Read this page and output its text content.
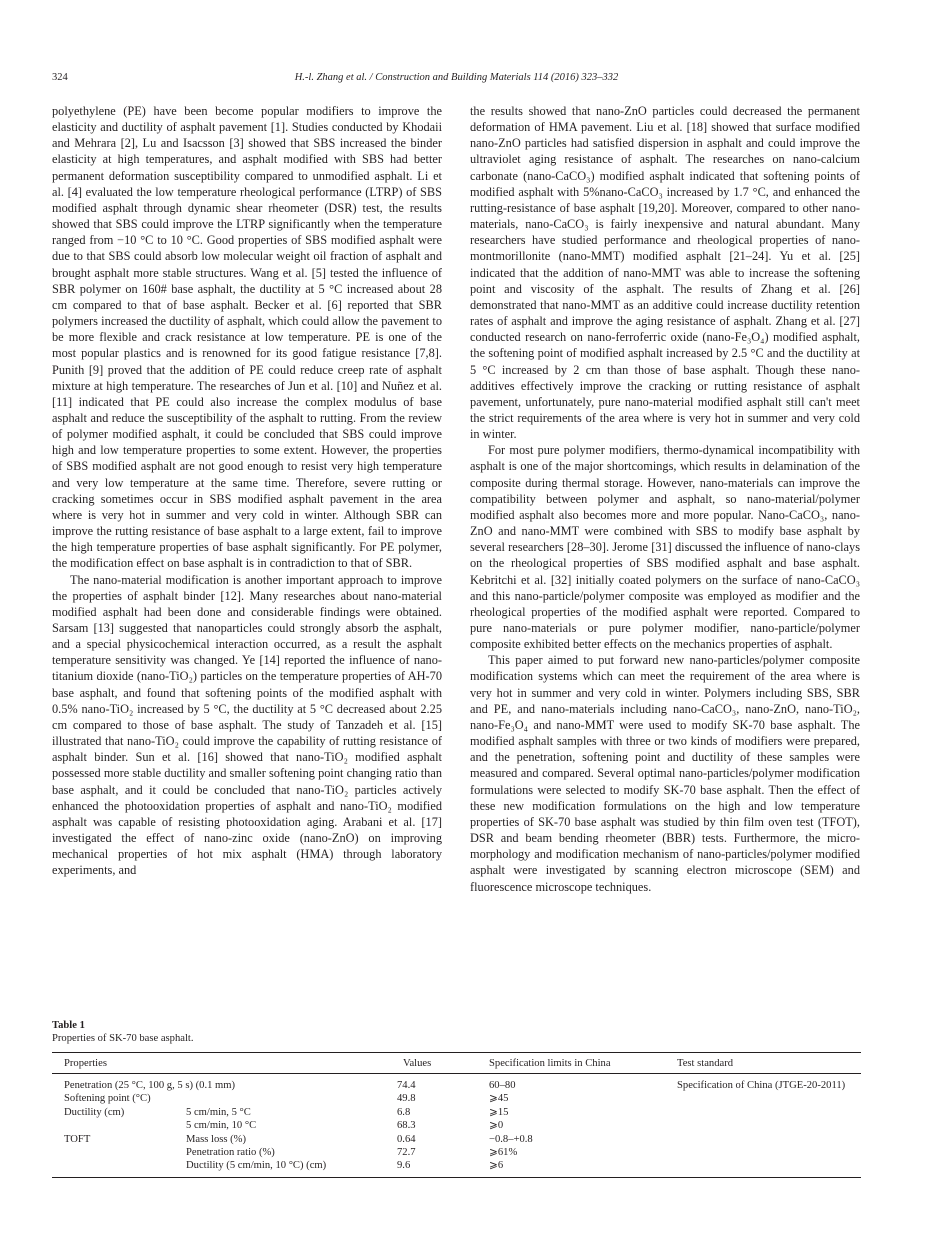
324	H.-l. Zhang et al. / Construction and Building Materials 114 (2016) 323–332

polyethylene (PE) have been become popular modifiers to improve the elasticity and ductility of asphalt pavement [1]. Studies conducted by Khodaii and Mehrara [2], Lu and Isacsson [3] showed that SBS increased the binder elasticity at high temperatures, and asphalt modified with SBS had better permanent deformation susceptibility compared to unmodified asphalt. Li et al. [4] evaluated the low temperature rheological performance (LTRP) of SBS modified asphalt through dynamic shear rheometer (DSR) test, the results showed that SBS could improve the LTRP significantly when the temperature ranged from −10 °C to 10 °C. Good properties of SBS modified asphalt were due to that SBS could absorb low molecular weight oil fraction of asphalt and brought asphalt more stable structures. Wang et al. [5] tested the influence of SBR polymer on 160# base asphalt, the ductility at 5 °C increased about 28 cm compared to that of base asphalt. Becker et al. [6] reported that SBR polymers increased the ductility of asphalt, which could allow the pavement to be more flexible and crack resistance at low temperature. PE is one of the most popular plastics and is renowned for its good fatigue resistance [7,8]. Punith [9] proved that the addition of PE could reduce creep rate of asphalt mixture at high temperature. The researches of Jun et al. [10] and Nuñez et al. [11] indicated that PE could also increase the complex modulus of base asphalt and reduce the susceptibility of the asphalt to rutting. From the review of polymer modified asphalt, it could be concluded that SBS could improve high and low temperature properties to some extent. However, the properties of SBS modified asphalt are not good enough to resist very high temperature and very low temperature at the same time. Therefore, severe rutting or cracking sometimes occur in SBS modified asphalt pavement in the area where is very hot in summer and very cold in winter. Although SBR can improve the rutting resistance of base asphalt to a large extent, fail to improve the high temperature properties of base asphalt significantly. For PE polymer, the modification effect on base asphalt is in contradiction to that of SBR.

The nano-material modification is another important approach to improve the properties of asphalt binder [12]. Many researches about nano-material modified asphalt had been done and considerable findings were obtained. Sarsam [13] suggested that nanoparticles could strongly absorb the asphalt, and a special physicochemical interaction occurred, as a result the asphalt temperature sensitivity was changed. Ye [14] reported the influence of nano-titanium dioxide (nano-TiO₂) particles on the temperature properties of AH-70 base asphalt, and found that softening points of the modified asphalt with 0.5% nano-TiO₂ increased by 5 °C, the ductility at 5 °C decreased about 2.25 cm compared to those of base asphalt. The study of Tanzadeh et al. [15] illustrated that nano-TiO₂ could improve the capability of rutting resistance of asphalt binder. Sun et al. [16] showed that nano-TiO₂ modified asphalt possessed more stable ductility and smaller softening point changing ratio than base asphalt, and it could be concluded that nano-TiO₂ particles actively enhanced the photooxidation properties of asphalt and nano-TiO₂ modified asphalt was capable of resisting photooxidation aging. Arabani et al. [17] investigated the effect of nano-zinc oxide (nano-ZnO) on improving mechanical properties of hot mix asphalt (HMA) through laboratory experiments, and

the results showed that nano-ZnO particles could decreased the permanent deformation of HMA pavement. Liu et al. [18] showed that surface modified nano-ZnO particles had satisfied dispersion in asphalt and could improve the ultraviolet aging resistance of asphalt. The researches on nano-calcium carbonate (nano-CaCO₃) modified asphalt indicated that softening points of modified asphalt with 5%nano-CaCO₃ increased by 1.7 °C, and enhanced the rutting-resistance of base asphalt [19,20]. Moreover, compared to other nano-materials, nano-CaCO₃ is fairly inexpensive and natural abundant. Many researchers have studied performance and rheological properties of nano-montmorillonite (nano-MMT) modified asphalt [21–24]. Yu et al. [25] indicated that the addition of nano-MMT was able to increase the softening point and viscosity of the asphalt. The results of Zhang et al. [26] demonstrated that nano-MMT as an additive could increase ductility retention rates of asphalt and improve the aging resistance of asphalt. Zhang et al. [27] conducted research on nano-ferroferric oxide (nano-Fe₃O₄) modified asphalt, the softening point of modified asphalt increased by 2.5 °C and the ductility at 5 °C increased by 2 cm than those of base asphalt. Though these nano-additives effectively improve the cracking or rutting resistance of asphalt pavement, unfortunately, pure nano-material modified asphalt still can't meet the strict requirements of the area where is very hot in summer and very cold in winter.

For most pure polymer modifiers, thermo-dynamical incompatibility with asphalt is one of the major shortcomings, which results in delamination of the composite during thermal storage. However, nano-materials can improve the compatibility between polymer and asphalt, so nano-material/polymer modified asphalt also becomes more and more popular. Nano-CaCO₃, nano-ZnO and nano-MMT were combined with SBS to modify base asphalt by several researchers [28–30]. Jerome [31] discussed the influence of nano-clays on the rheological properties of SBS modified asphalt and base asphalt. Kebritchi et al. [32] initially coated polymers on the surface of nano-CaCO₃ and this nano-particle/polymer composite was employed as modifier and the rheological properties of the modified asphalt were reported. Compared to pure nano-materials or pure polymer modifier, nano-particle/polymer composite exhibited better effects on the mechanics properties of asphalt.

This paper aimed to put forward new nano-particles/polymer composite modification systems which can meet the requirement of the area where is very hot in summer and very cold in winter. Polymers including SBS, SBR and PE, and nano-materials including nano-CaCO₃, nano-ZnO, nano-TiO₂, nano-Fe₃O₄ and nano-MMT were used to modify SK-70 base asphalt. The modified asphalt samples with three or two kinds of modifiers were prepared, and the penetration, softening point and ductility of these samples were measured and compared. Several optimal nano-particles/polymer modification formulations were selected to modify SK-70 base asphalt. Then the effect of these new modification formulations on the high and low temperature properties of SK-70 base asphalt was studied by thin film oven test (TFOT), DSR and beam bending rheometer (BBR) tests. Furthermore, the micro-morphology and modification mechanism of nano-particles/polymer modified asphalt were investigated by scanning electron microscope (SEM) and fluorescence microscope techniques.

Table 1
Properties of SK-70 base asphalt.
Properties		Values	Specification limits in China	Test standard
Penetration (25 °C, 100 g, 5 s) (0.1 mm)		74.4	60–80	Specification of China (JTGE-20-2011)
Softening point (°C)		49.8	⩾45	
Ductility (cm)	5 cm/min, 5 °C	6.8	⩾15	
	5 cm/min, 10 °C	68.3	⩾0	
TOFT	Mass loss (%)	0.64	−0.8–+0.8	
	Penetration ratio (%)	72.7	⩾61%	
	Ductility (5 cm/min, 10 °C) (cm)	9.6	⩾6	
